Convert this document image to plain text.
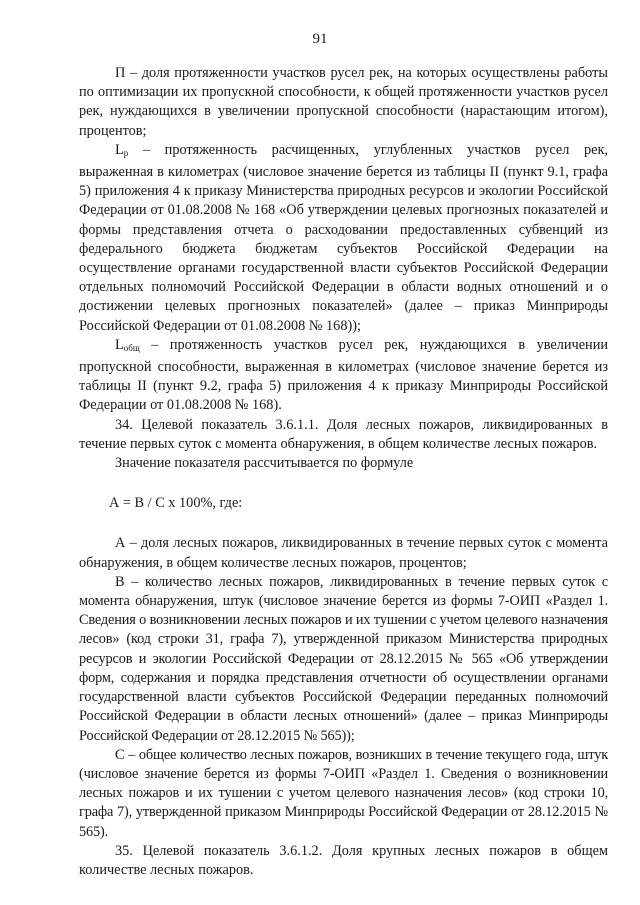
91

П – доля протяженности участков русел рек, на которых осуществлены работы по оптимизации их пропускной способности, к общей протяженности участков русел рек, нуждающихся в увеличении пропускной способности (нарастающим итогом), процентов;

$L_р$ – протяженность расчищенных, углубленных участков русел рек, выраженная в километрах (числовое значение берется из таблицы II (пункт 9.1, графа 5) приложения 4 к приказу Министерства природных ресурсов и экологии Российской Федерации от 01.08.2008 № 168 «Об утверждении целевых прогнозных показателей и формы представления отчета о расходовании предоставленных субвенций из федерального бюджета бюджетам субъектов Российской Федерации на осуществление органами государственной власти субъектов Российской Федерации отдельных полномочий Российской Федерации в области водных отношений и о достижении целевых прогнозных показателей» (далее – приказ Минприроды Российской Федерации от 01.08.2008 № 168));

$L_{общ}$ – протяженность участков русел рек, нуждающихся в увеличении пропускной способности, выраженная в километрах (числовое значение берется из таблицы II (пункт 9.2, графа 5) приложения 4 к приказу Минприроды Российской Федерации от 01.08.2008 № 168).

34. Целевой показатель 3.6.1.1. Доля лесных пожаров, ликвидированных в течение первых суток с момента обнаружения, в общем количестве лесных пожаров.

Значение показателя рассчитывается по формуле

А = В / С х 100%, где:

А – доля лесных пожаров, ликвидированных в течение первых суток с момента обнаружения, в общем количестве лесных пожаров, процентов;

В – количество лесных пожаров, ликвидированных в течение первых суток с момента обнаружения, штук (числовое значение берется из формы 7-ОИП «Раздел 1. Сведения о возникновении лесных пожаров и их тушении с учетом целевого назначения лесов» (код строки 31, графа 7), утвержденной приказом Министерства природных ресурсов и экологии Российской Федерации от 28.12.2015 № 565 «Об утверждении форм, содержания и порядка представления отчетности об осуществлении органами государственной власти субъектов Российской Федерации переданных полномочий Российской Федерации в области лесных отношений» (далее – приказ Минприроды Российской Федерации от 28.12.2015 № 565));

С – общее количество лесных пожаров, возникших в течение текущего года, штук (числовое значение берется из формы 7-ОИП «Раздел 1. Сведения о возникновении лесных пожаров и их тушении с учетом целевого назначения лесов» (код строки 10, графа 7), утвержденной приказом Минприроды Российской Федерации от 28.12.2015 № 565).

35. Целевой показатель 3.6.1.2. Доля крупных лесных пожаров в общем количестве лесных пожаров.
